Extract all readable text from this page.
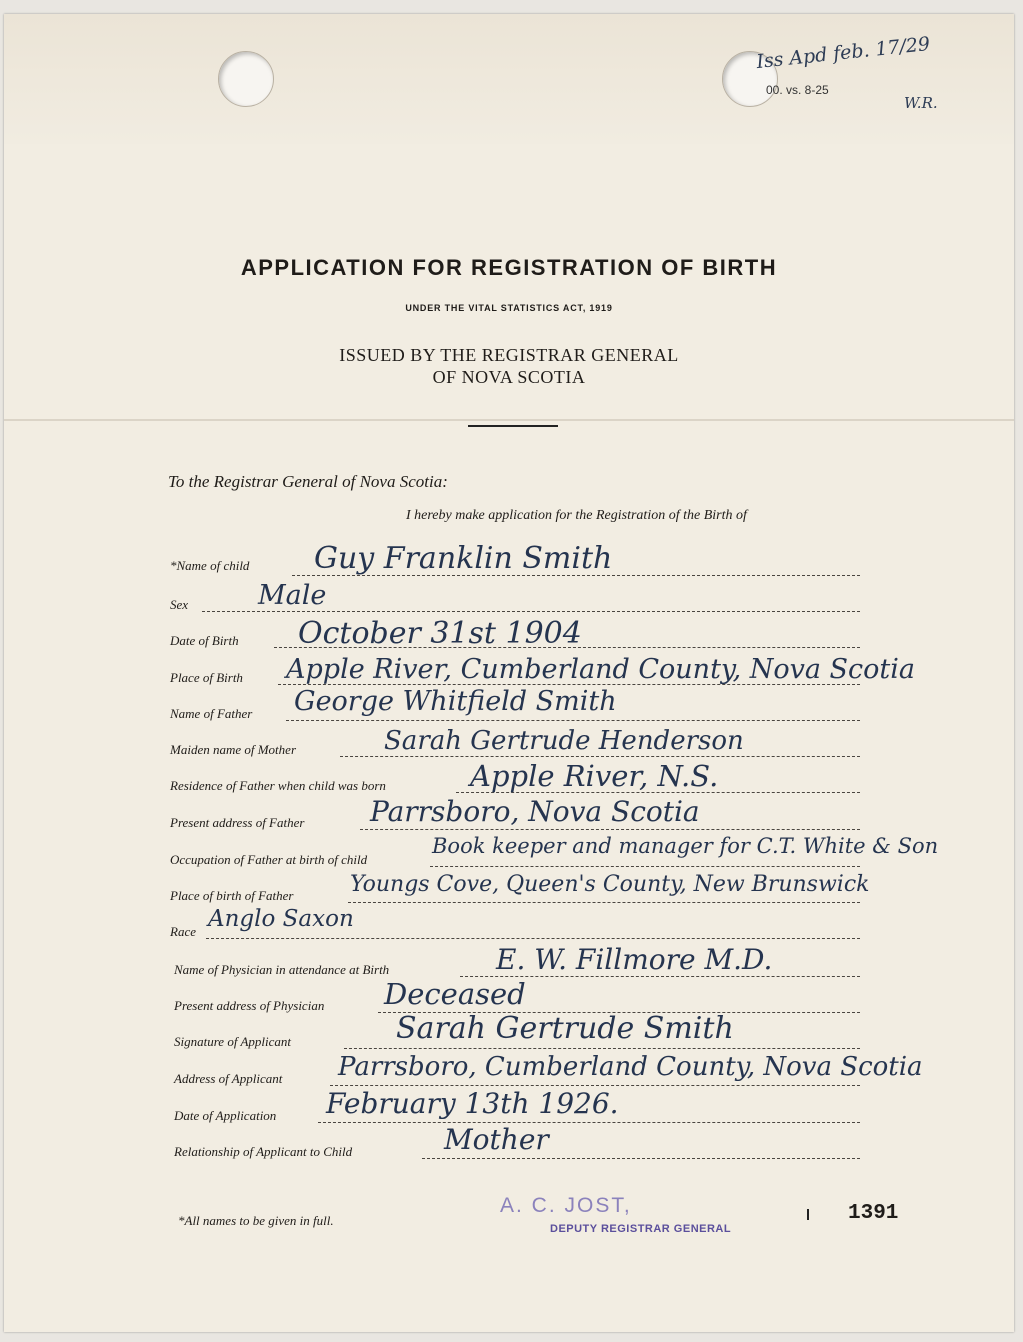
00. vs. 8-25
Iss Apd feb. 17/29
W.R.
APPLICATION FOR REGISTRATION OF BIRTH
UNDER THE VITAL STATISTICS ACT, 1919
ISSUED BY THE REGISTRAR GENERAL
OF NOVA SCOTIA
To the Registrar General of Nova Scotia:
I hereby make application for the Registration of the Birth of
*Name of child Guy Franklin Smith
Sex	Male
Date of Birth October 31st 1904
Place of Birth Apple River, Cumberland County, Nova Scotia
Name of Father George Whitfield Smith
Maiden name of Mother	Sarah Gertrude Henderson
Residence of Father when child was born	Apple River, N.S.
Present address of Father Parrsboro, Nova Scotia
Occupation of Father at birth of child
Book keeper and manager for C.T. White & Son
Place of birth of Father	Youngs Cove, Queen's County, New Brunswick
Race Anglo Saxon
Name of Physician in attendance at Birth	E. W. Fillmore M.D.
Present address of Physician Deceased
Signature of Applicant	Sarah Gertrude Smith
Address of Applicant Parrsboro, Cumberland County, Nova Scotia
Date of Application February 13th 1926.
Relationship of Applicant to Child	Mother
*All names to be given in full.
A. C. JOST,
DEPUTY REGISTRAR GENERAL
1391
